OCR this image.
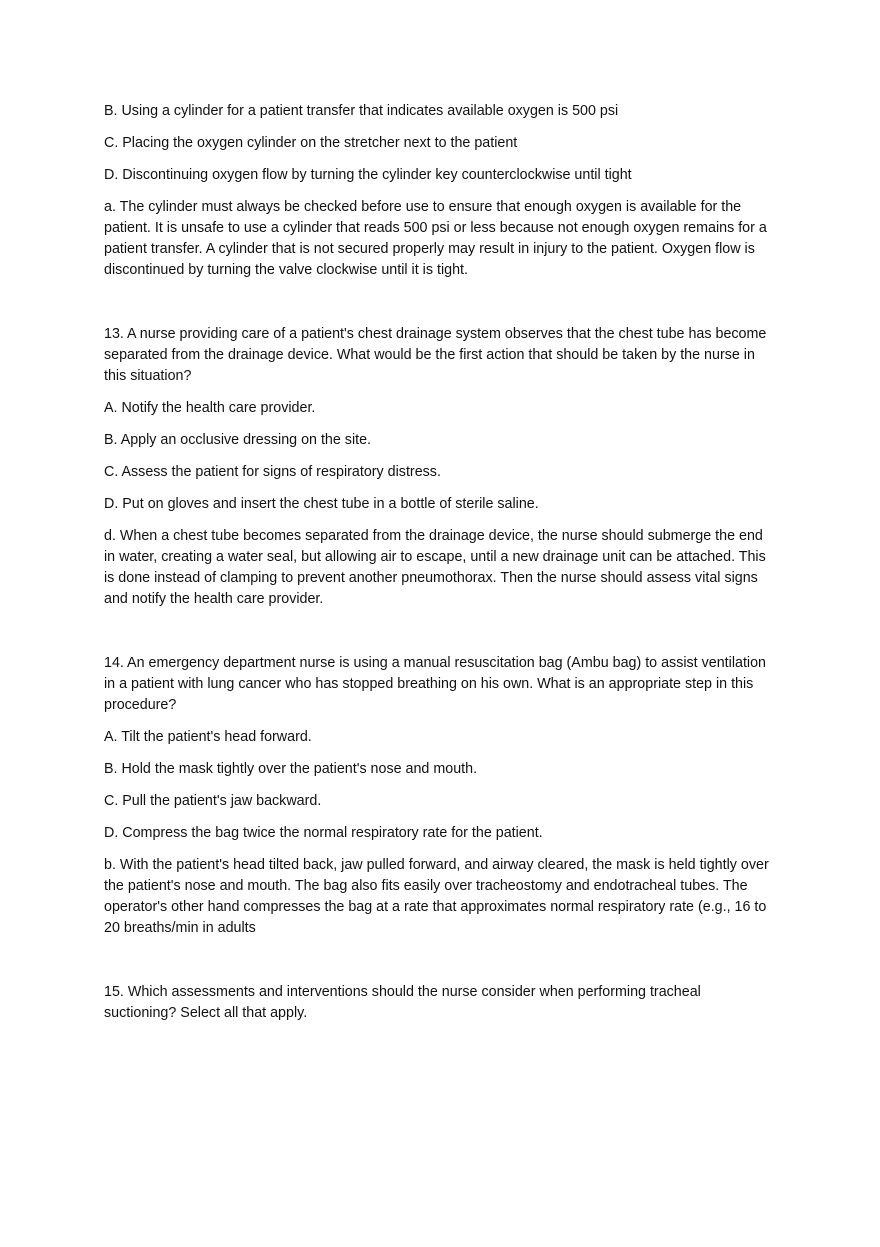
B. Using a cylinder for a patient transfer that indicates available oxygen is 500 psi

C. Placing the oxygen cylinder on the stretcher next to the patient

D. Discontinuing oxygen flow by turning the cylinder key counterclockwise until tight

a. The cylinder must always be checked before use to ensure that enough oxygen is available for the patient. It is unsafe to use a cylinder that reads 500 psi or less because not enough oxygen remains for a patient transfer. A cylinder that is not secured properly may result in injury to the patient. Oxygen flow is discontinued by turning the valve clockwise until it is tight.

13. A nurse providing care of a patient's chest drainage system observes that the chest tube has become separated from the drainage device. What would be the first action that should be taken by the nurse in this situation?

A. Notify the health care provider.

B. Apply an occlusive dressing on the site.

C. Assess the patient for signs of respiratory distress.

D. Put on gloves and insert the chest tube in a bottle of sterile saline.

d. When a chest tube becomes separated from the drainage device, the nurse should submerge the end in water, creating a water seal, but allowing air to escape, until a new drainage unit can be attached. This is done instead of clamping to prevent another pneumothorax. Then the nurse should assess vital signs and notify the health care provider.

14. An emergency department nurse is using a manual resuscitation bag (Ambu bag) to assist ventilation in a patient with lung cancer who has stopped breathing on his own. What is an appropriate step in this procedure?

A. Tilt the patient's head forward.

B. Hold the mask tightly over the patient's nose and mouth.

C. Pull the patient's jaw backward.

D. Compress the bag twice the normal respiratory rate for the patient.

b. With the patient's head tilted back, jaw pulled forward, and airway cleared, the mask is held tightly over the patient's nose and mouth. The bag also fits easily over tracheostomy and endotracheal tubes. The operator's other hand compresses the bag at a rate that approximates normal respiratory rate (e.g., 16 to 20 breaths/min in adults

15. Which assessments and interventions should the nurse consider when performing tracheal suctioning? Select all that apply.
